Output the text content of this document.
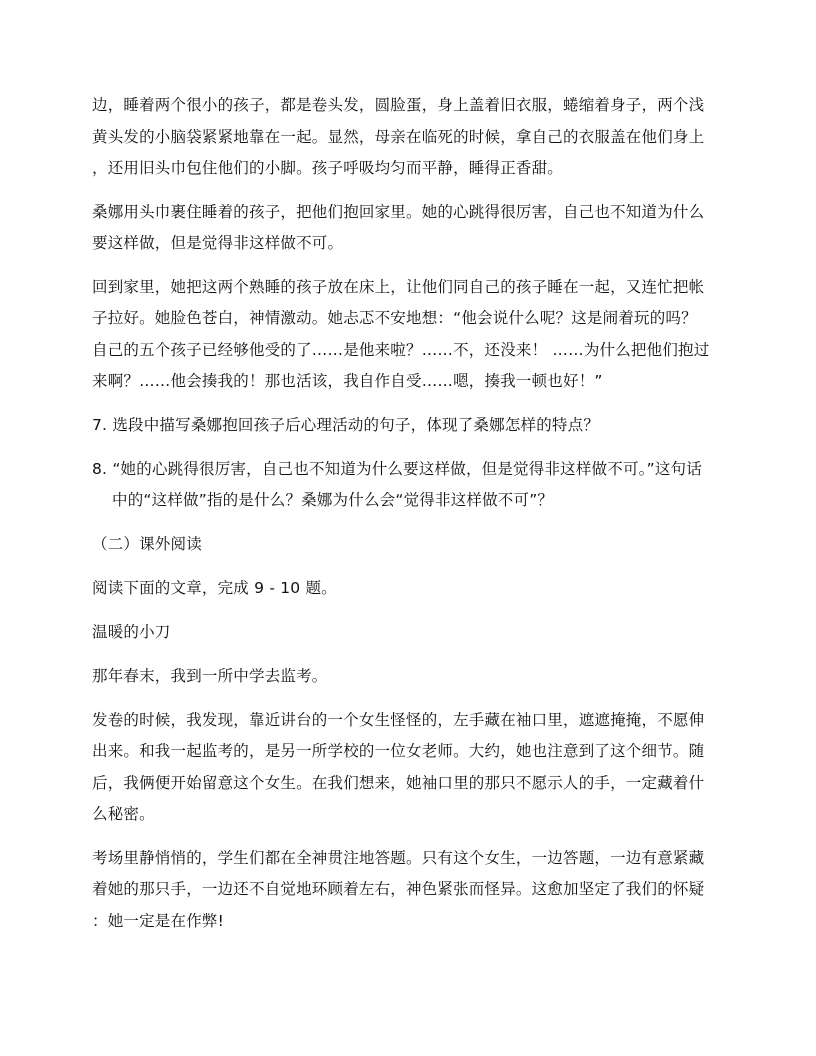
边，睡着两个很小的孩子，都是卷头发，圆脸蛋，身上盖着旧衣服，蜷缩着身子，两个浅
黄头发的小脑袋紧紧地靠在一起。显然，母亲在临死的时候，拿自己的衣服盖在他们身上
，还用旧头巾包住他们的小脚。孩子呼吸均匀而平静，睡得正香甜。
桑娜用头巾裹住睡着的孩子，把他们抱回家里。她的心跳得很厉害，自己也不知道为什么
要这样做，但是觉得非这样做不可。
回到家里，她把这两个熟睡的孩子放在床上，让他们同自己的孩子睡在一起，又连忙把帐
子拉好。她脸色苍白，神情激动。她忐忑不安地想：“他会说什么呢？这是闹着玩的吗？
自己的五个孩子已经够他受的了……是他来啦？……不，还没来！ ……为什么把他们抱过
来啊？……他会揍我的！那也活该，我自作自受……嗯，揍我一顿也好！”
7. 选段中描写桑娜抱回孩子后心理活动的句子，体现了桑娜怎样的特点？
8. “她的心跳得很厉害，自己也不知道为什么要这样做，但是觉得非这样做不可。”这句话
中的“这样做”指的是什么？桑娜为什么会“觉得非这样做不可”？
（二）课外阅读
阅读下面的文章，完成 9 - 10 题。
温暖的小刀
那年春末，我到一所中学去监考。
发卷的时候，我发现，靠近讲台的一个女生怪怪的，左手藏在袖口里，遮遮掩掩，不愿伸
出来。和我一起监考的，是另一所学校的一位女老师。大约，她也注意到了这个细节。随
后，我俩便开始留意这个女生。在我们想来，她袖口里的那只不愿示人的手，一定藏着什
么秘密。
考场里静悄悄的，学生们都在全神贯注地答题。只有这个女生，一边答题，一边有意紧藏
着她的那只手，一边还不自觉地环顾着左右，神色紧张而怪异。这愈加坚定了我们的怀疑
：她一定是在作弊!
